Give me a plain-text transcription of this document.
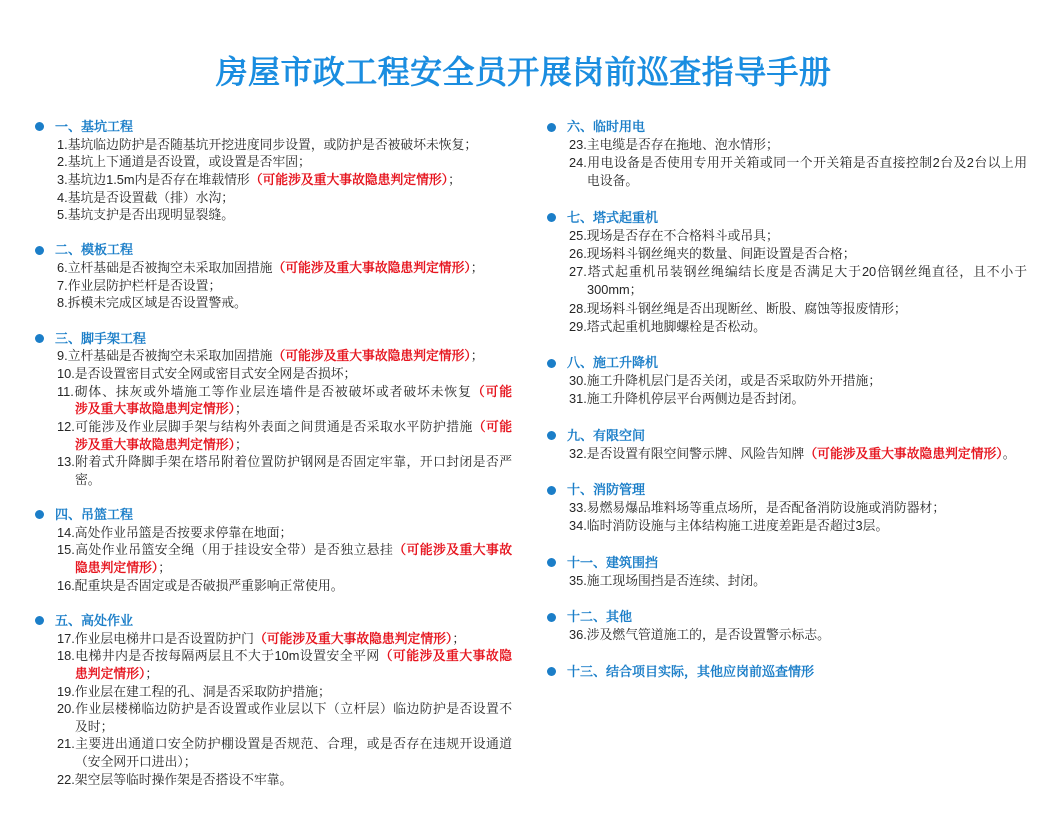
房屋市政工程安全员开展岗前巡查指导手册
一、基坑工程
1.基坑临边防护是否随基坑开挖进度同步设置，或防护是否被破坏未恢复；
2.基坑上下通道是否设置，或设置是否牢固；
3.基坑边1.5m内是否存在堆载情形（可能涉及重大事故隐患判定情形）；
4.基坑是否设置截（排）水沟；
5.基坑支护是否出现明显裂缝。
二、模板工程
6.立杆基础是否被掏空未采取加固措施（可能涉及重大事故隐患判定情形）；
7.作业层防护栏杆是否设置；
8.拆模未完成区域是否设置警戒。
三、脚手架工程
9.立杆基础是否被掏空未采取加固措施（可能涉及重大事故隐患判定情形）；
10.是否设置密目式安全网或密目式安全网是否损坏；
11.砌体、抹灰或外墙施工等作业层连墙件是否被破坏或者破坏未恢复（可能
涉及重大事故隐患判定情形）；
12.可能涉及作业层脚手架与结构外表面之间贯通是否采取水平防护措施（可能
涉及重大事故隐患判定情形）；
13.附着式升降脚手架在塔吊附着位置防护钢网是否固定牢靠，开口封闭是否严
密。
四、吊篮工程
14.高处作业吊篮是否按要求停靠在地面；
15.高处作业吊篮安全绳（用于挂设安全带）是否独立悬挂（可能涉及重大事故
隐患判定情形）；
16.配重块是否固定或是否破损严重影响正常使用。
五、高处作业
17.作业层电梯井口是否设置防护门（可能涉及重大事故隐患判定情形）；
18.电梯井内是否按每隔两层且不大于10m设置安全平网（可能涉及重大事故隐
患判定情形）；
19.作业层在建工程的孔、洞是否采取防护措施；
20.作业层楼梯临边防护是否设置或作业层以下（立杆层）临边防护是否设置不
及时；
21.主要进出通道口安全防护棚设置是否规范、合理，或是否存在违规开设通道
（安全网开口进出）；
22.架空层等临时操作架是否搭设不牢靠。
六、临时用电
23.主电缆是否存在拖地、泡水情形；
24.用电设备是否使用专用开关箱或同一个开关箱是否直接控制2台及2台以上用
电设备。
七、塔式起重机
25.现场是否存在不合格料斗或吊具；
26.现场料斗钢丝绳夹的数量、间距设置是否合格；
27.塔式起重机吊装钢丝绳编结长度是否满足大于20倍钢丝绳直径，且不小于
300mm；
28.现场料斗钢丝绳是否出现断丝、断股、腐蚀等报废情形；
29.塔式起重机地脚螺栓是否松动。
八、施工升降机
30.施工升降机层门是否关闭，或是否采取防外开措施；
31.施工升降机停层平台两侧边是否封闭。
九、有限空间
32.是否设置有限空间警示牌、风险告知牌（可能涉及重大事故隐患判定情形）。
十、消防管理
33.易燃易爆品堆料场等重点场所，是否配备消防设施或消防器材；
34.临时消防设施与主体结构施工进度差距是否超过3层。
十一、建筑围挡
35.施工现场围挡是否连续、封闭。
十二、其他
36.涉及燃气管道施工的，是否设置警示标志。
十三、结合项目实际，其他应岗前巡查情形
